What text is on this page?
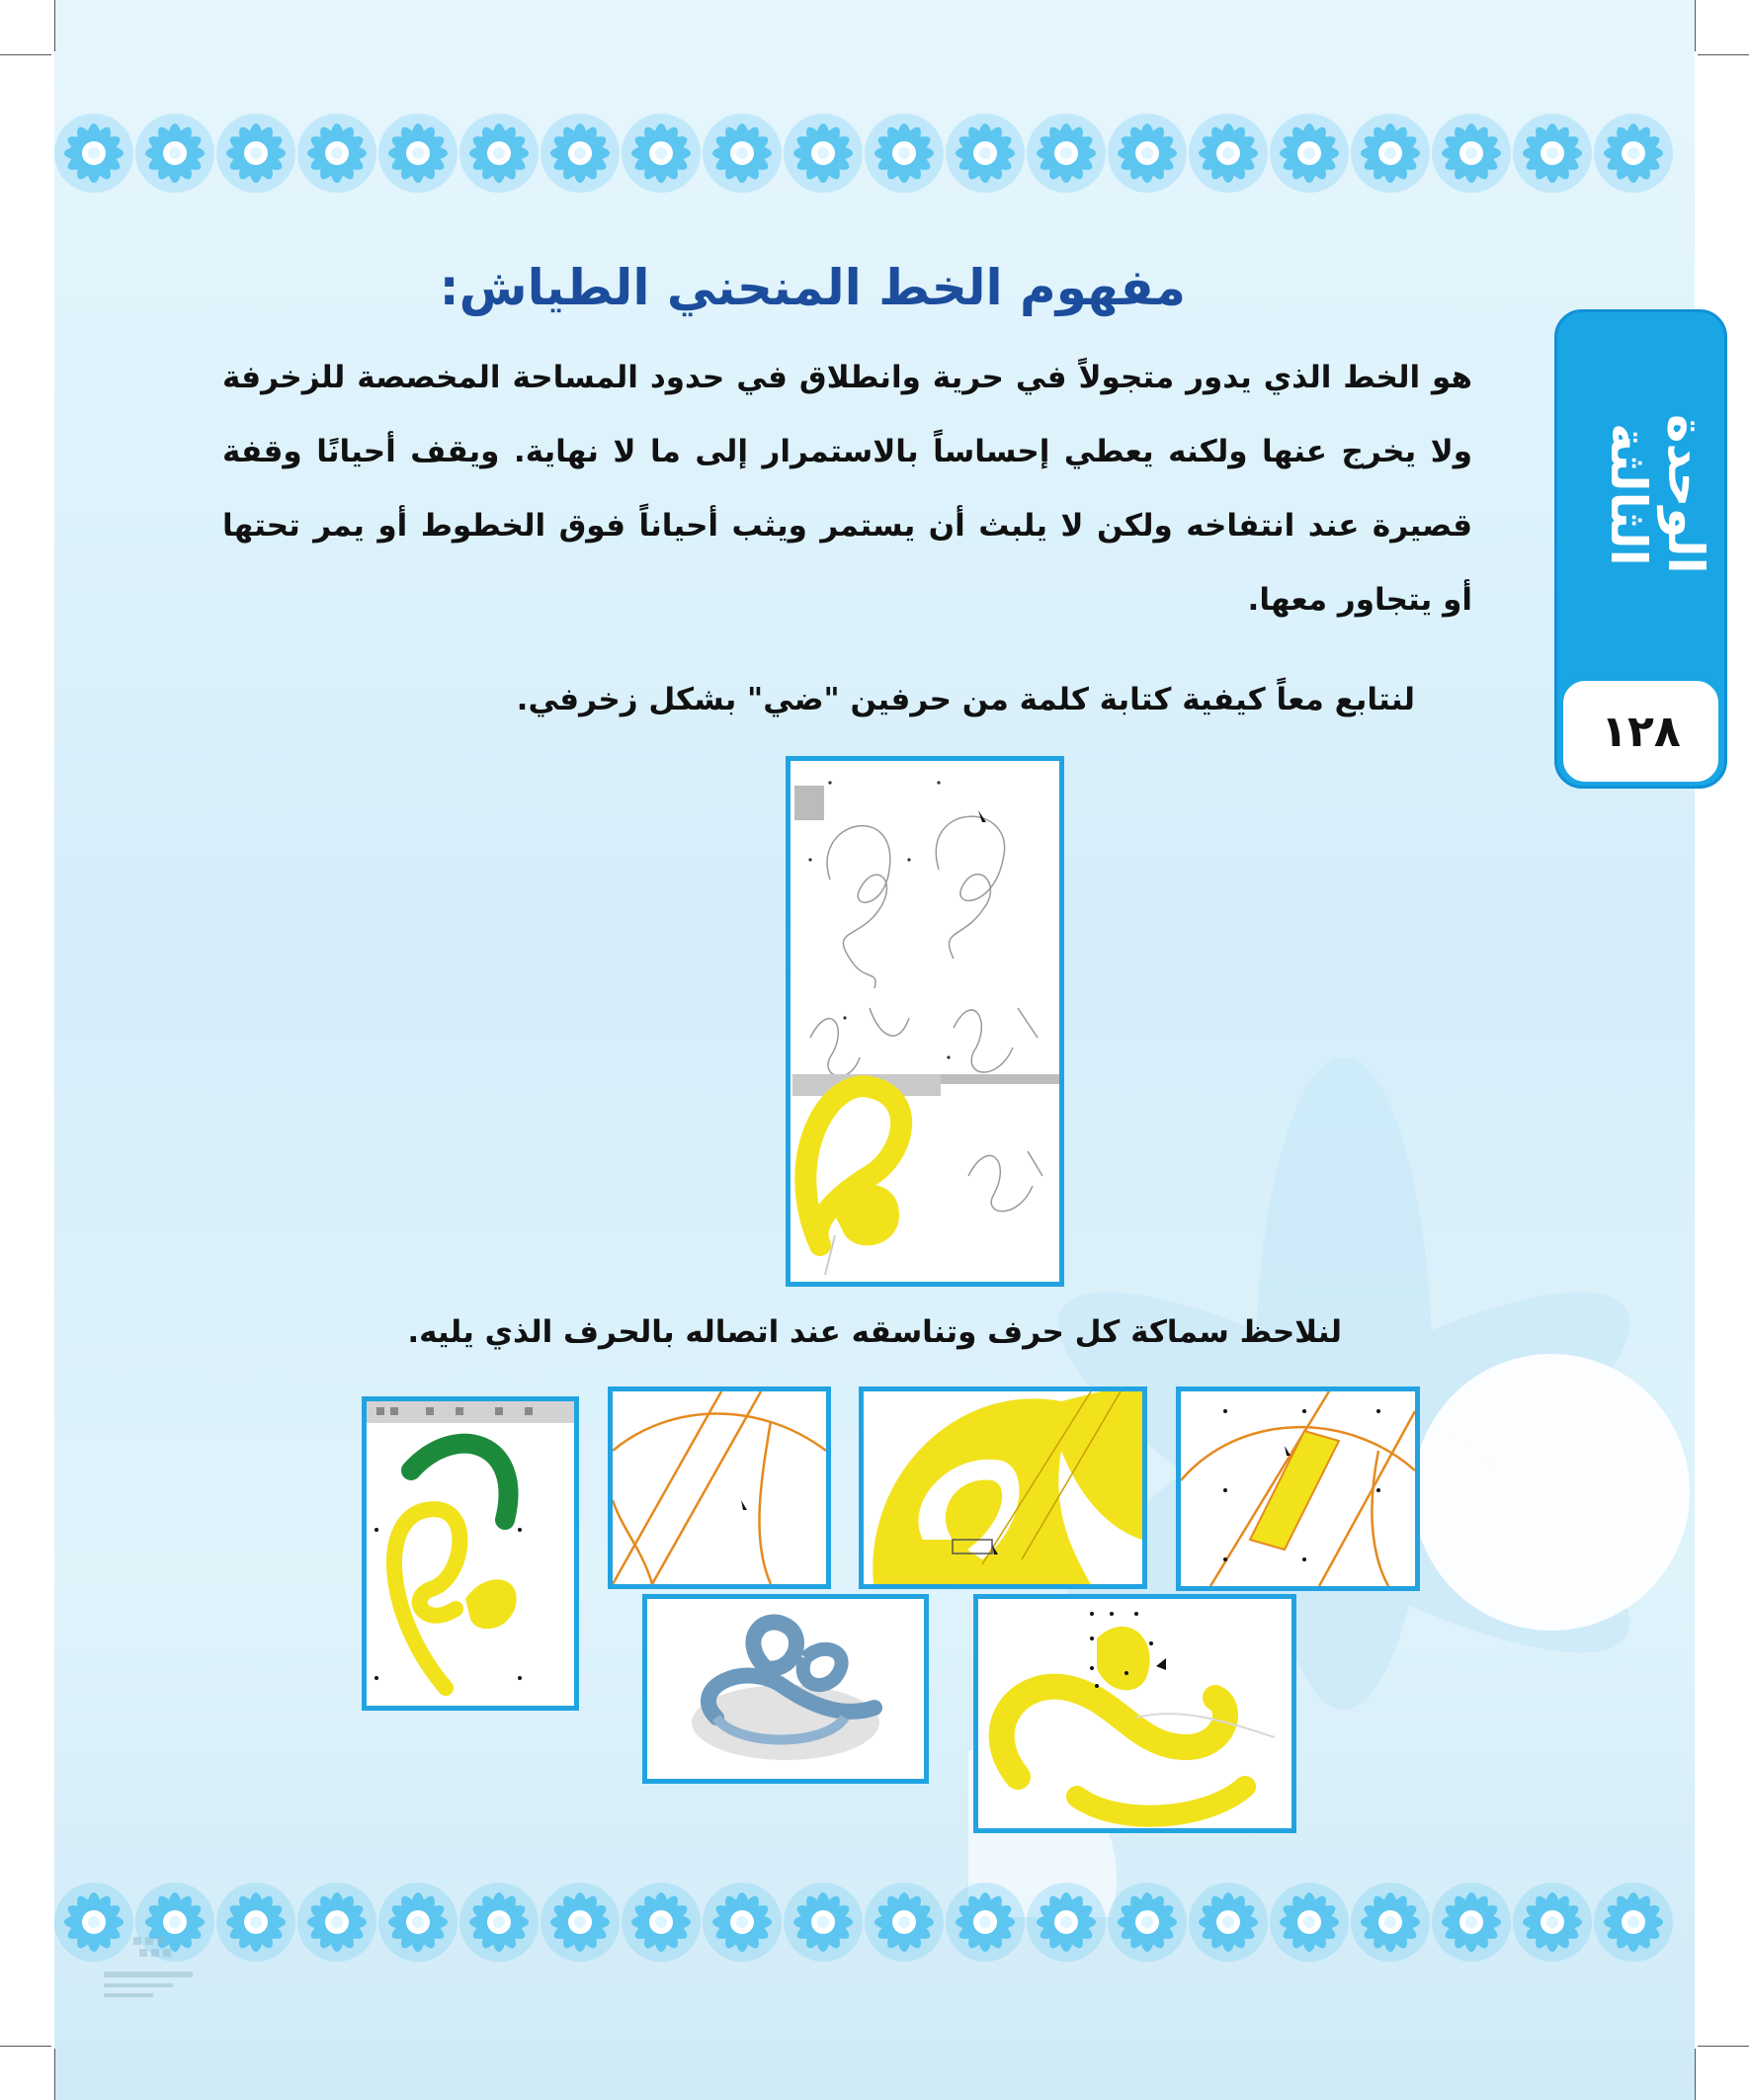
الوحدة الثالثة
١٢٨
مفهوم الخط المنحني الطياش:

هو الخط الذي يدور متجولاً في حرية وانطلاق في حدود المساحة المخصصة للزخرفة ولا يخرج عنها ولكنه يعطي إحساساً بالاستمرار إلى ما لا نهاية. ويقف أحيانًا وقفة قصيرة عند انتفاخه ولكن لا يلبث أن يستمر ويثب أحياناً فوق الخطوط أو يمر تحتها أو يتجاور معها.

لنتابع معاً كيفية كتابة كلمة من حرفين "ضي" بشكل زخرفي.

لنلاحظ سماكة كل حرف وتناسقه عند اتصاله بالحرف الذي يليه.
